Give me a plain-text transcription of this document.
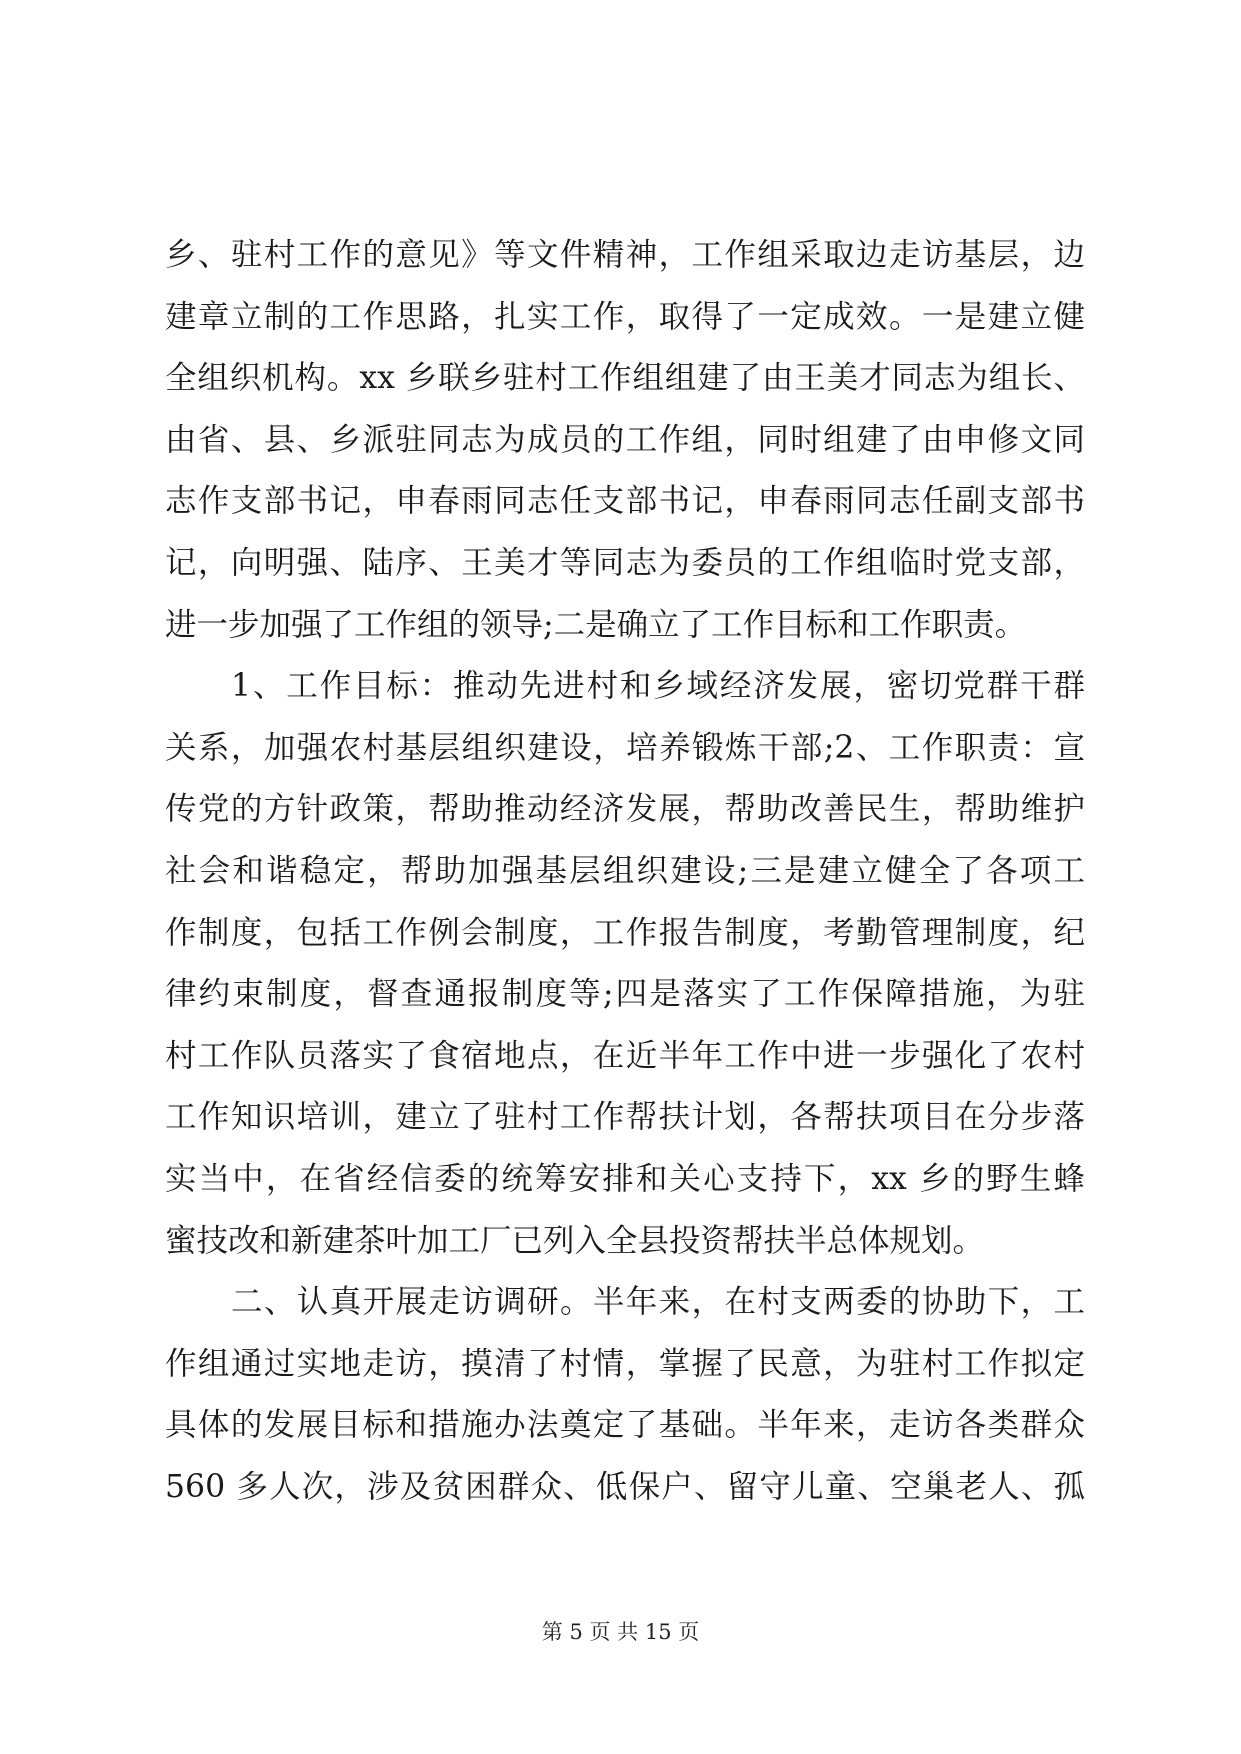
乡、驻村工作的意见》等文件精神，工作组采取边走访基层，边
建章立制的工作思路，扎实工作，取得了一定成效。一是建立健
全组织机构。xx 乡联乡驻村工作组组建了由王美才同志为组长、
由省、县、乡派驻同志为成员的工作组，同时组建了由申修文同
志作支部书记，申春雨同志任支部书记，申春雨同志任副支部书
记，向明强、陆序、王美才等同志为委员的工作组临时党支部，
进一步加强了工作组的领导;二是确立了工作目标和工作职责。
1、工作目标：推动先进村和乡域经济发展，密切党群干群
关系，加强农村基层组织建设，培养锻炼干部;2、工作职责：宣
传党的方针政策，帮助推动经济发展，帮助改善民生，帮助维护
社会和谐稳定，帮助加强基层组织建设;三是建立健全了各项工
作制度，包括工作例会制度，工作报告制度，考勤管理制度，纪
律约束制度，督查通报制度等;四是落实了工作保障措施，为驻
村工作队员落实了食宿地点，在近半年工作中进一步强化了农村
工作知识培训，建立了驻村工作帮扶计划，各帮扶项目在分步落
实当中，在省经信委的统筹安排和关心支持下，xx 乡的野生蜂
蜜技改和新建茶叶加工厂已列入全县投资帮扶半总体规划。
二、认真开展走访调研。半年来，在村支两委的协助下，工
作组通过实地走访，摸清了村情，掌握了民意，为驻村工作拟定
具体的发展目标和措施办法奠定了基础。半年来，走访各类群众
560 多人次，涉及贫困群众、低保户、留守儿童、空巢老人、孤
第 5 页 共 15 页
